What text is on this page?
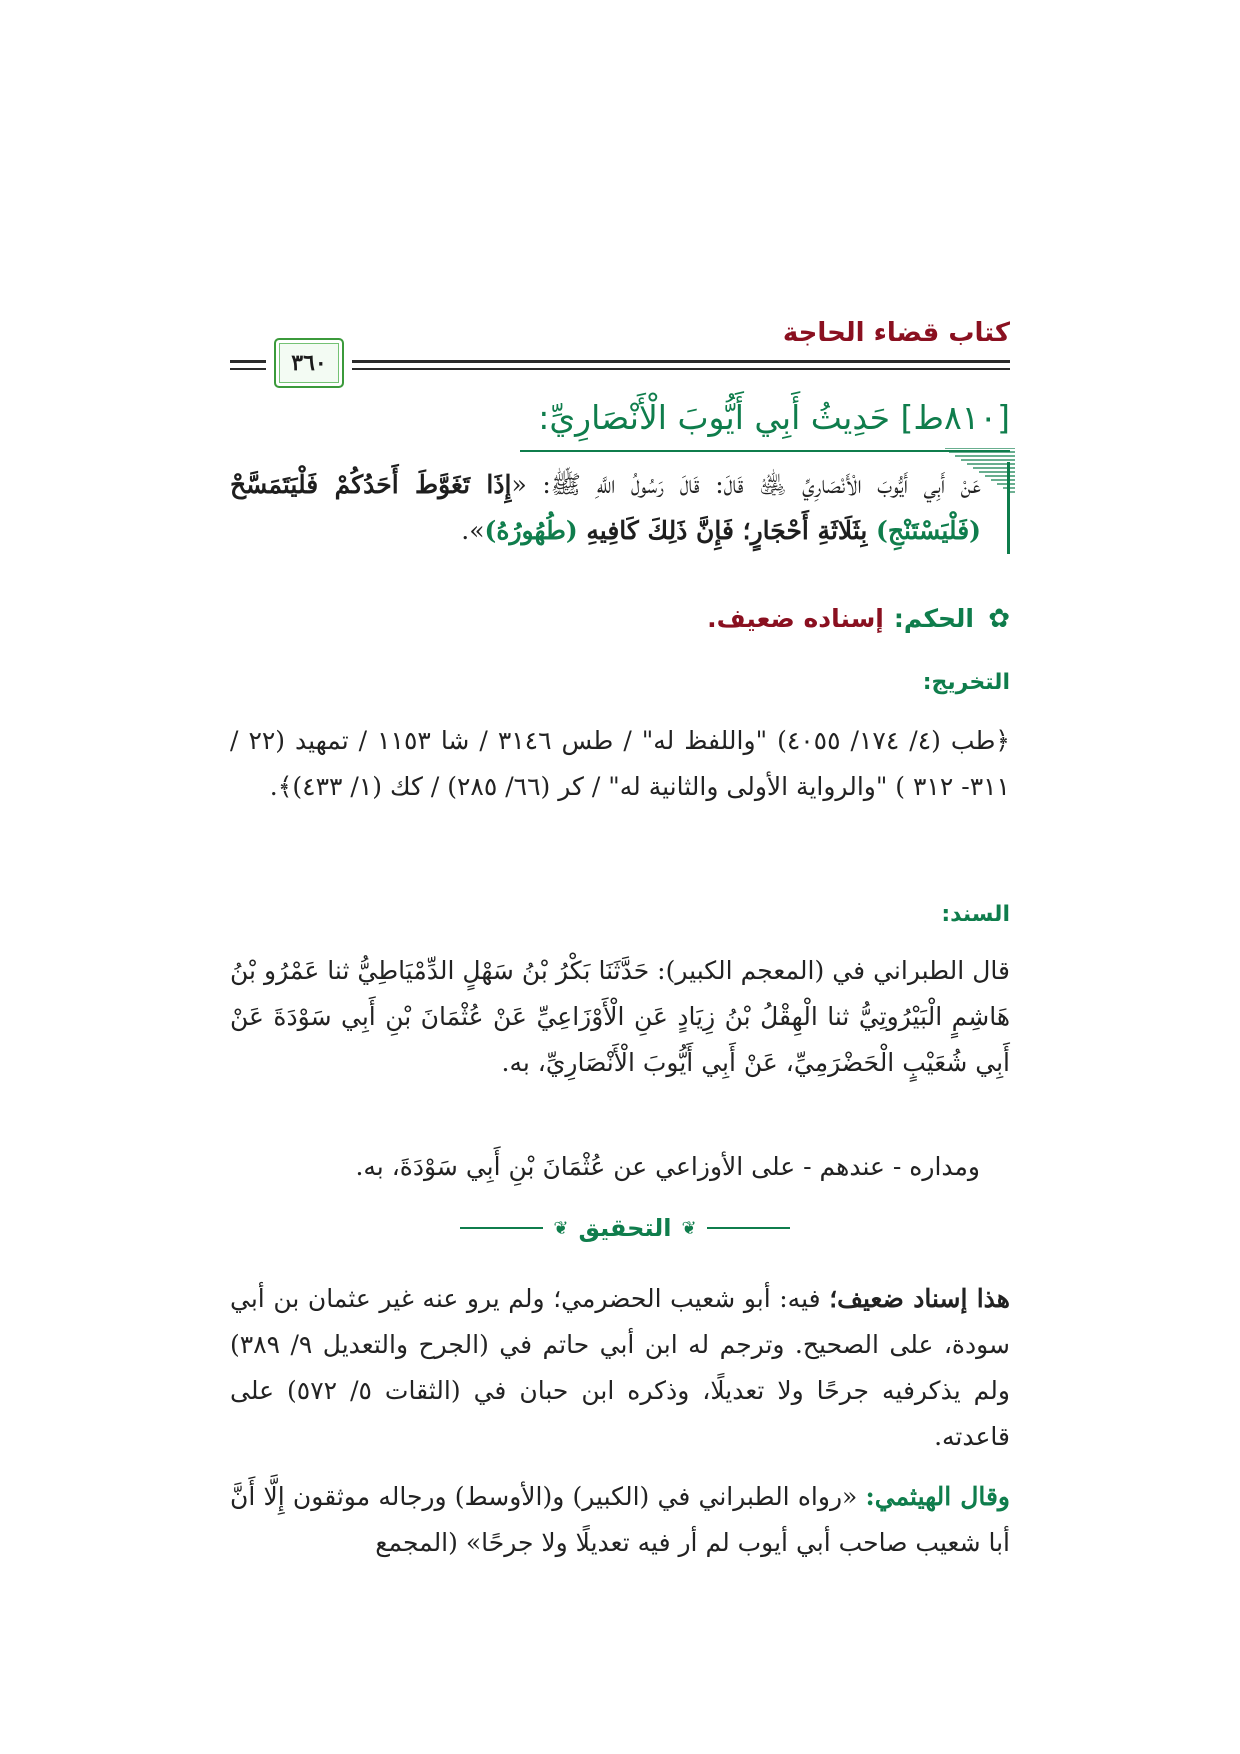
كتاب قضاء الحاجة
٣٦٠
[٨١٠ط] حَدِيثُ أَبِي أَيُّوبَ الْأَنْصَارِيِّ:
عَنْ أَبِي أَيُّوبَ الْأَنْصَارِيِّ ﵁ قَالَ: قَالَ رَسُولُ اللَّهِ ﷺ: «إِذَا تَغَوَّطَ أَحَدُكُمْ فَلْيَتَمَسَّحْ (فَلْيَسْتَنْجِ) بِثَلَاثَةِ أَحْجَارٍ؛ فَإِنَّ ذَلِكَ كَافِيهِ (طُهُورُهُ)».
✿
الحكم:
إسناده ضعيف.
التخريج:
﴿طب (٤/ ١٧٤/ ٤٠٥٥) "واللفظ له" / طس ٣١٤٦ / شا ١١٥٣ / تمهيد (٢٢ / ٣١١- ٣١٢ ) "والرواية الأولى والثانية له" / كر (٦٦/ ٢٨٥) / كك (١/ ٤٣٣)﴾.
السند:
قال الطبراني في (المعجم الكبير): حَدَّثَنَا بَكْرُ بْنُ سَهْلٍ الدِّمْيَاطِيُّ ثنا عَمْرُو بْنُ هَاشِمٍ الْبَيْرُوتِيُّ ثنا الْهِقْلُ بْنُ زِيَادٍ عَنِ الْأَوْزَاعِيِّ عَنْ عُثْمَانَ بْنِ أَبِي سَوْدَةَ عَنْ أَبِي شُعَيْبٍ الْحَضْرَمِيِّ، عَنْ أَبِي أَيُّوبَ الْأَنْصَارِيِّ، به.
ومداره - عندهم - على الأوزاعي عن عُثْمَانَ بْنِ أَبِي سَوْدَةَ، به.
❦
التحقيق
❦
هذا إسناد ضعيف؛ فيه: أبو شعيب الحضرمي؛ ولم يرو عنه غير عثمان بن أبي سودة، على الصحيح. وترجم له ابن أبي حاتم في (الجرح والتعديل ٩/ ٣٨٩) ولم يذكرفيه جرحًا ولا تعديلًا، وذكره ابن حبان في (الثقات ٥/ ٥٧٢) على قاعدته.
وقال الهيثمي: «رواه الطبراني في (الكبير) و(الأوسط) ورجاله موثقون إِلَّا أَنَّ أبا شعيب صاحب أبي أيوب لم أر فيه تعديلًا ولا جرحًا» (المجمع
